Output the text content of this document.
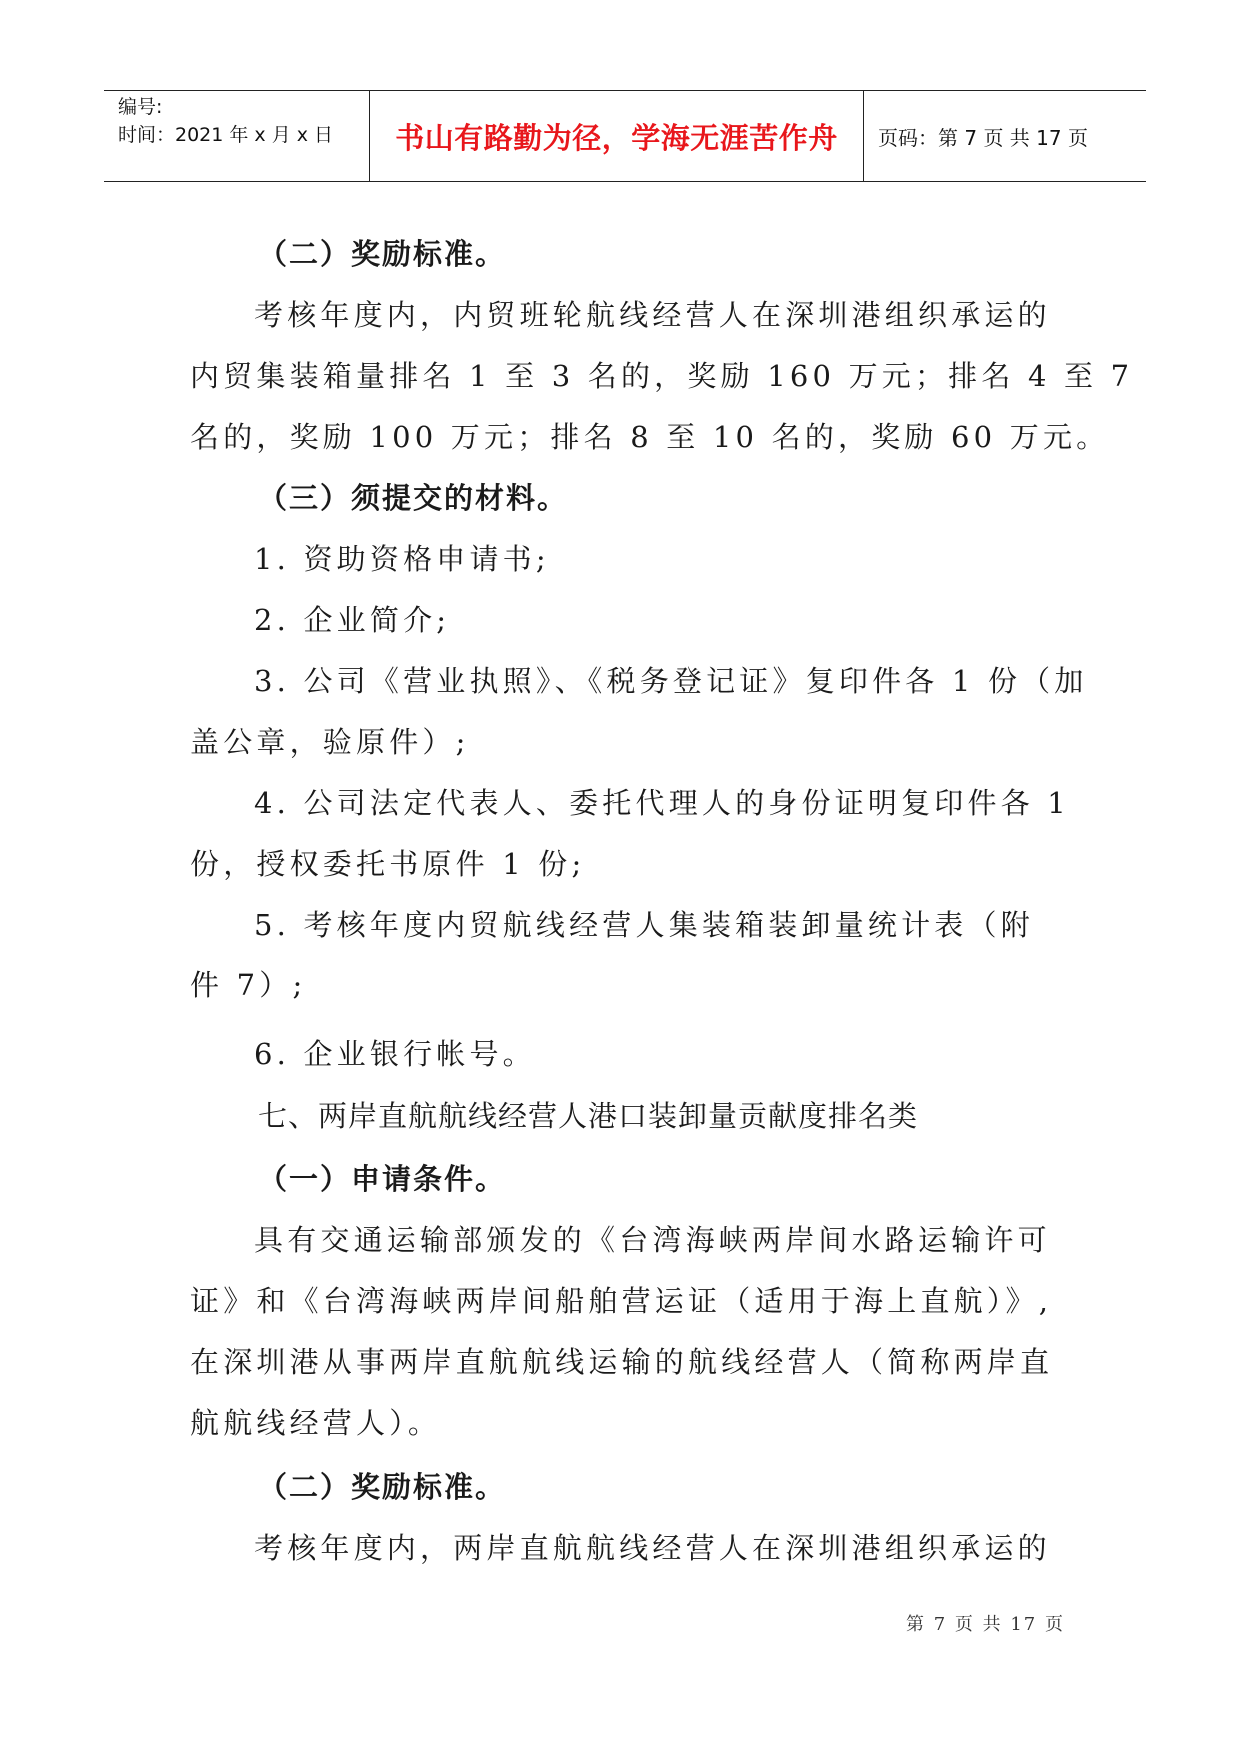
编号:
时间：2021 年 x 月 x 日	书山有路勤为径，学海无涯苦作舟	页码：第 7 页 共 17 页
（二）奖励标准。
考核年度内，内贸班轮航线经营人在深圳港组织承运的
内贸集装箱量排名 1 至 3 名的，奖励 160 万元；排名 4 至 7
名的，奖励 100 万元；排名 8 至 10 名的，奖励 60 万元。
（三）须提交的材料。
1. 资助资格申请书;
2. 企业简介;
3. 公司《营业执照》、《税务登记证》复印件各 1 份（加
盖公章，验原件）;
4. 公司法定代表人、委托代理人的身份证明复印件各 1
份，授权委托书原件 1 份;
5. 考核年度内贸航线经营人集装箱装卸量统计表（附
件 7）;
6. 企业银行帐号。
七、两岸直航航线经营人港口装卸量贡献度排名类
（一）申请条件。
具有交通运输部颁发的《台湾海峡两岸间水路运输许可
证》和《台湾海峡两岸间船舶营运证（适用于海上直航）》,
在深圳港从事两岸直航航线运输的航线经营人（简称两岸直
航航线经营人）。
（二）奖励标准。
考核年度内，两岸直航航线经营人在深圳港组织承运的
第 7 页 共 17 页
